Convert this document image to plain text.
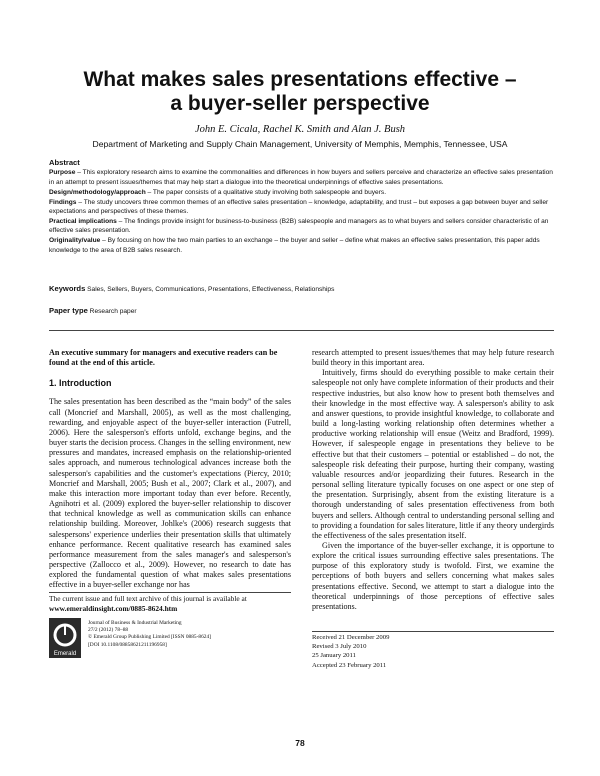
What makes sales presentations effective –
a buyer-seller perspective
John E. Cicala, Rachel K. Smith and Alan J. Bush
Department of Marketing and Supply Chain Management, University of Memphis, Memphis, Tennessee, USA

Abstract

Purpose – This exploratory research aims to examine the commonalities and differences in how buyers and sellers perceive and characterize an effective sales presentation in an attempt to present issues/themes that may help start a dialogue into the theoretical underpinnings of effective sales presentations.

Design/methodology/approach – The paper consists of a qualitative study involving both salespeople and buyers.

Findings – The study uncovers three common themes of an effective sales presentation – knowledge, adaptability, and trust – but exposes a gap between buyer and seller expectations and perspectives of these themes.

Practical implications – The findings provide insight for business-to-business (B2B) salespeople and managers as to what buyers and sellers consider characteristic of an effective sales presentation.

Originality/value – By focusing on how the two main parties to an exchange – the buyer and seller – define what makes an effective sales presentation, this paper adds knowledge to the area of B2B sales research.

Keywords Sales, Sellers, Buyers, Communications, Presentations, Effectiveness, Relationships
Paper type Research paper

An executive summary for managers and executive readers can be found at the end of this article.

1. Introduction

The sales presentation has been described as the “main body” of the sales call (Moncrief and Marshall, 2005), as well as the most challenging, rewarding, and enjoyable aspect of the buyer-seller interaction (Futrell, 2006). Here the salesperson's efforts unfold, exchange begins, and the buyer starts the decision process. Changes in the selling environment, new pressures and mandates, increased emphasis on the relationship-oriented sales approach, and numerous technological advances increase both the salesperson's capabilities and the customer's expectations (Piercy, 2010; Moncrief and Marshall, 2005; Bush et al., 2007; Clark et al., 2007), and make this interaction more important today than ever before. Recently, Agnihotri et al. (2009) explored the buyer-seller relationship to discover that technical knowledge as well as communication skills can enhance relationship building. Moreover, Johlke's (2006) research suggests that salespersons' experience underlies their presentation skills that ultimately enhance performance. Recent qualitative research has examined sales performance measurement from the sales manager's and salesperson's perspective (Zallocco et al., 2009). However, no research to date has explored the fundamental question of what makes sales presentations effective in a buyer-seller exchange nor has

research attempted to present issues/themes that may help future research build theory in this important area.

Intuitively, firms should do everything possible to make certain their salespeople not only have complete information of their products and their respective industries, but also know how to present both themselves and their knowledge in the most effective way. A salesperson's ability to ask and answer questions, to provide insightful knowledge, to collaborate and build a long-lasting working relationship often determines whether a productive working relationship will ensue (Weitz and Bradford, 1999). However, if salespeople engage in presentations they believe to be effective but that their customers – potential or established – do not, the salespeople risk defeating their purpose, hurting their company, wasting valuable resources and/or jeopardizing their futures. Research in the personal selling literature typically focuses on one aspect or one step of the presentation. Surprisingly, absent from the existing literature is a thorough understanding of sales presentation effectiveness from both buyers and sellers. Although central to understanding personal selling and to providing a foundation for sales literature, little if any theory undergirds the effectiveness of the sales presentation itself.

Given the importance of the buyer-seller exchange, it is opportune to explore the critical issues surrounding effective sales presentations. The purpose of this exploratory study is twofold. First, we examine the perceptions of both buyers and sellers concerning what makes sales presentations effective. Second, we attempt to start a dialogue into the theoretical underpinnings of those perceptions of effective sales presentations.

The current issue and full text archive of this journal is available at
www.emeraldinsight.com/0885-8624.htm
Emerald
Journal of Business & Industrial Marketing
27/2 (2012) 78–88
© Emerald Group Publishing Limited [ISSN 0885-8624]
[DOI 10.1108/08858621211196958]
Received 21 December 2009
Revised 3 July 2010
25 January 2011
Accepted 23 February 2011
78
